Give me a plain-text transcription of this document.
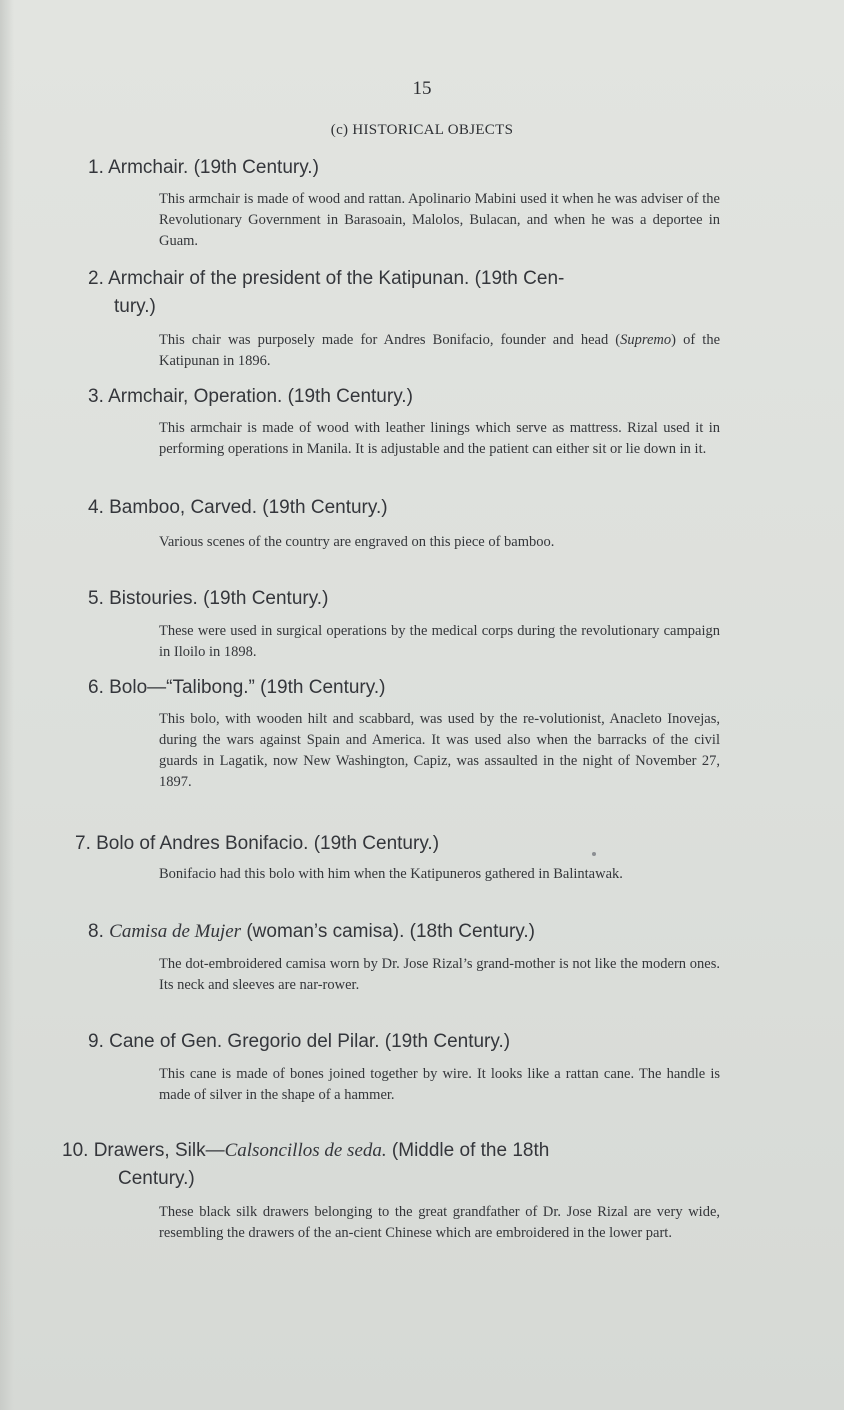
15
(c) HISTORICAL OBJECTS
1. Armchair. (19th Century.)
This armchair is made of wood and rattan. Apolinario Mabini used it when he was adviser of the Revolutionary Government in Barasoain, Malolos, Bulacan, and when he was a deportee in Guam.
2. Armchair of the president of the Katipunan. (19th Cen-
tury.)
This chair was purposely made for Andres Bonifacio, founder and head (Supremo) of the Katipunan in 1896.
3. Armchair, Operation. (19th Century.)
This armchair is made of wood with leather linings which serve as mattress. Rizal used it in performing operations in Manila. It is adjustable and the patient can either sit or lie down in it.
4. Bamboo, Carved. (19th Century.)
Various scenes of the country are engraved on this piece of bamboo.
5. Bistouries. (19th Century.)
These were used in surgical operations by the medical corps during the revolutionary campaign in Iloilo in 1898.
6. Bolo—“Talibong.” (19th Century.)
This bolo, with wooden hilt and scabbard, was used by the re-volutionist, Anacleto Inovejas, during the wars against Spain and America. It was used also when the barracks of the civil guards in Lagatik, now New Washington, Capiz, was assaulted in the night of November 27, 1897.
7. Bolo of Andres Bonifacio. (19th Century.)
Bonifacio had this bolo with him when the Katipuneros gathered in Balintawak.
8. Camisa de Mujer (woman’s camisa). (18th Century.)
The dot-embroidered camisa worn by Dr. Jose Rizal’s grand-mother is not like the modern ones. Its neck and sleeves are nar-rower.
9. Cane of Gen. Gregorio del Pilar. (19th Century.)
This cane is made of bones joined together by wire. It looks like a rattan cane. The handle is made of silver in the shape of a hammer.
10. Drawers, Silk—Calsoncillos de seda. (Middle of the 18th
Century.)
These black silk drawers belonging to the great grandfather of Dr. Jose Rizal are very wide, resembling the drawers of the an-cient Chinese which are embroidered in the lower part.
